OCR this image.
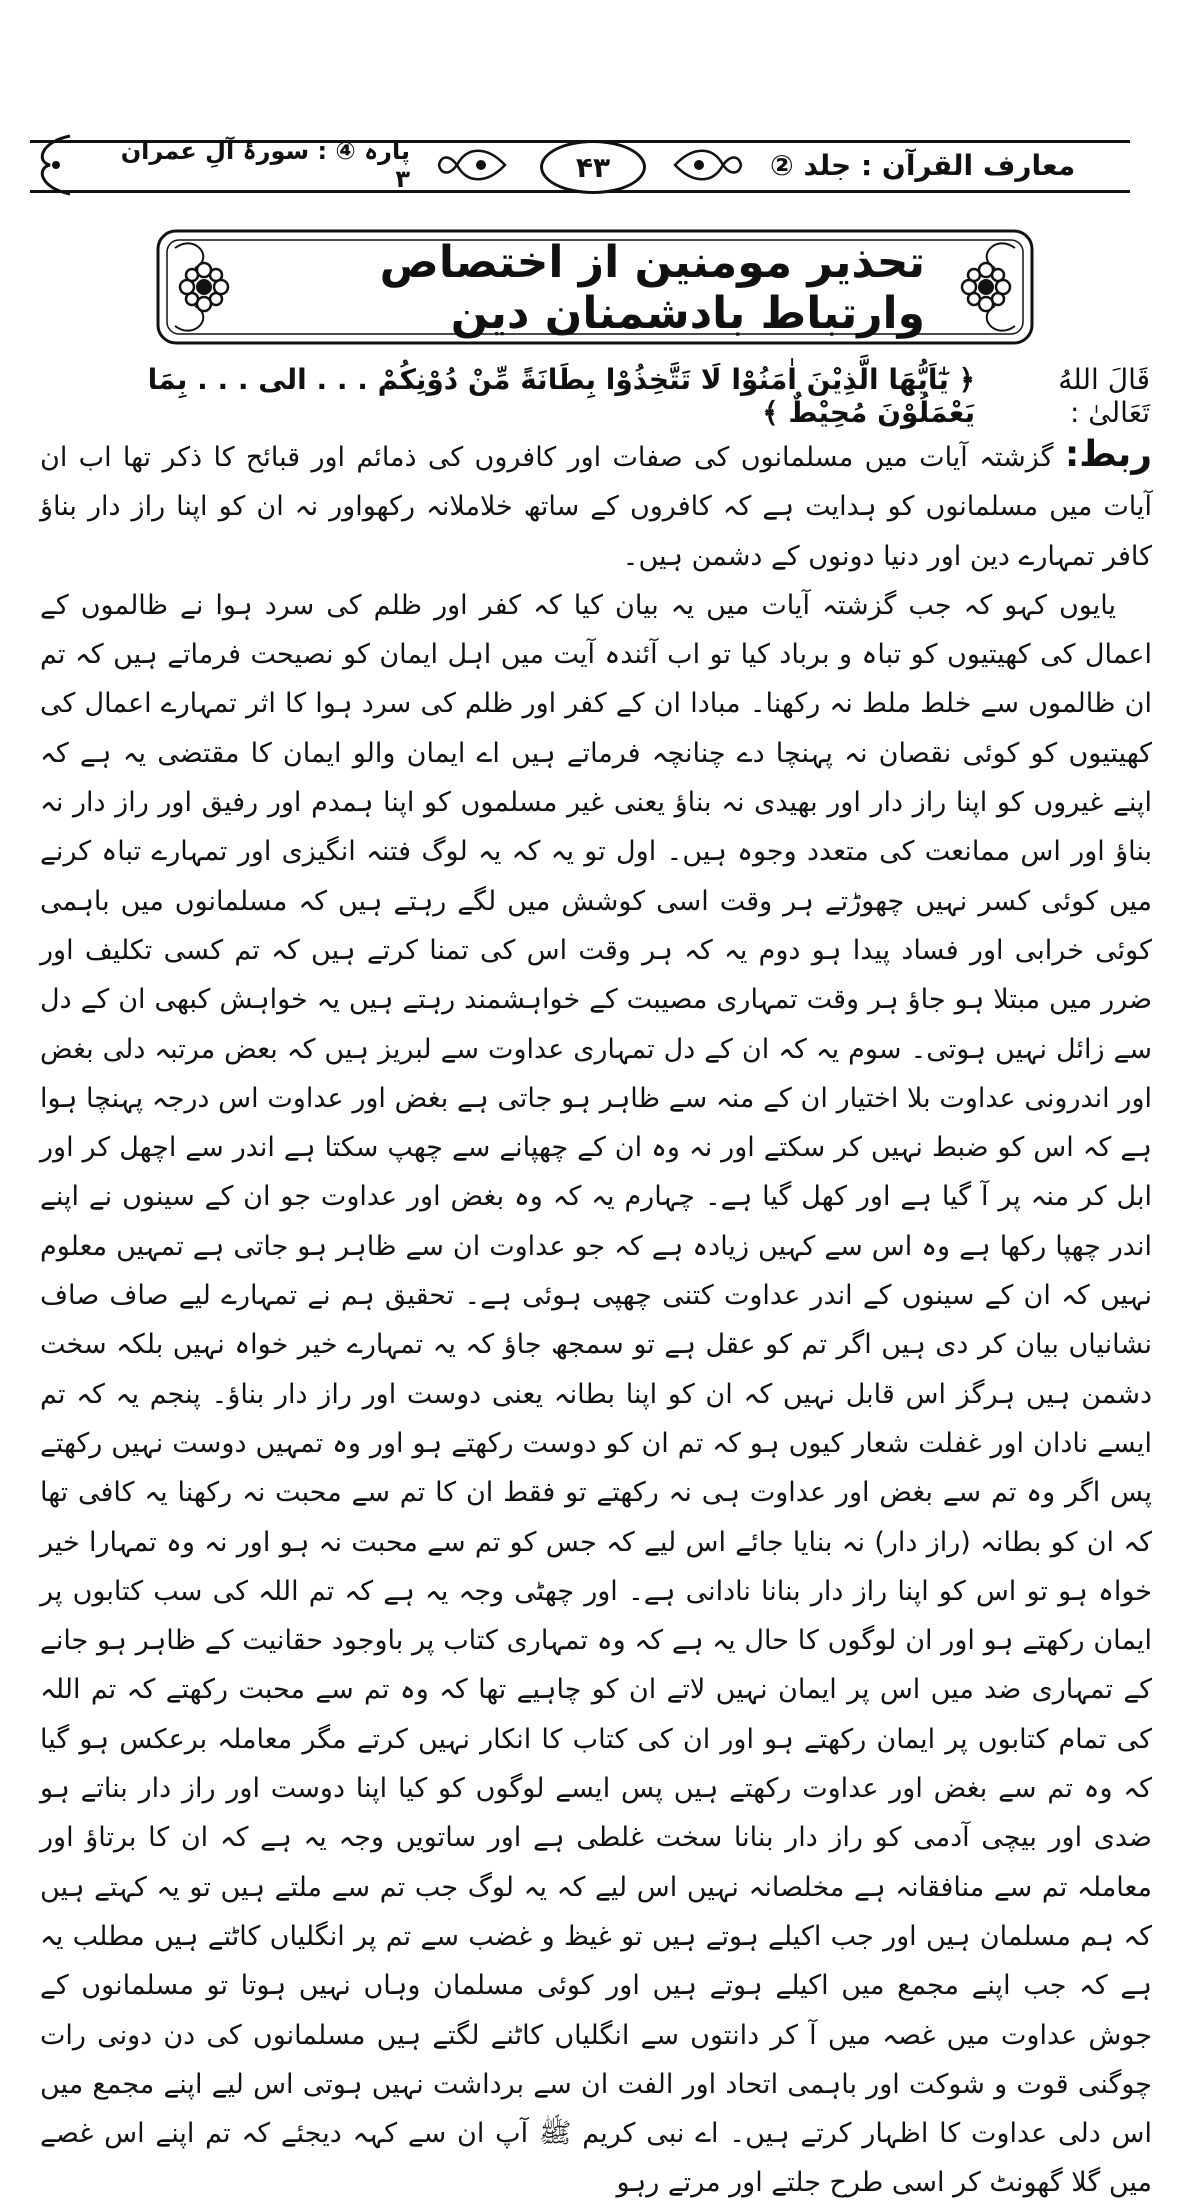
معارف القرآن : جلد ②
۴۳
پارہ ④ : سورۂ آلِ عمران ۳
تحذیر مومنین از اختصاص وارتباط بادشمنان دین
قَالَ اللهُ تَعَالیٰ :
﴿ يٰٓاَيُّهَا الَّذِيْنَ اٰمَنُوْا لَا تَتَّخِذُوْا بِطَانَةً مِّنْ دُوْنِكُمْ . . . الی . . . بِمَا يَعْمَلُوْنَ مُحِيْطٌ ﴾

ربط: گزشتہ آیات میں مسلمانوں کی صفات اور کافروں کی ذمائم اور قبائح کا ذکر تھا اب ان آیات میں مسلمانوں کو ہدایت ہے کہ کافروں کے ساتھ خلاملانہ رکھواور نہ ان کو اپنا راز دار بناؤ کافر تمہارے دین اور دنیا دونوں کے دشمن ہیں۔

یایوں کہو کہ جب گزشتہ آیات میں یہ بیان کیا کہ کفر اور ظلم کی سرد ہوا نے ظالموں کے اعمال کی کھیتیوں کو تباہ و برباد کیا تو اب آئندہ آیت میں اہل ایمان کو نصیحت فرماتے ہیں کہ تم ان ظالموں سے خلط ملط نہ رکھنا۔ مبادا ان کے کفر اور ظلم کی سرد ہوا کا اثر تمہارے اعمال کی کھیتیوں کو کوئی نقصان نہ پہنچا دے چنانچہ فرماتے ہیں اے ایمان والو ایمان کا مقتضی یہ ہے کہ اپنے غیروں کو اپنا راز دار اور بھیدی نہ بناؤ یعنی غیر مسلموں کو اپنا ہمدم اور رفیق اور راز دار نہ بناؤ اور اس ممانعت کی متعدد وجوہ ہیں۔ اول تو یہ کہ یہ لوگ فتنہ انگیزی اور تمہارے تباہ کرنے میں کوئی کسر نہیں چھوڑتے ہر وقت اسی کوشش میں لگے رہتے ہیں کہ مسلمانوں میں باہمی کوئی خرابی اور فساد پیدا ہو دوم یہ کہ ہر وقت اس کی تمنا کرتے ہیں کہ تم کسی تکلیف اور ضرر میں مبتلا ہو جاؤ ہر وقت تمہاری مصیبت کے خواہشمند رہتے ہیں یہ خواہش کبھی ان کے دل سے زائل نہیں ہوتی۔ سوم یہ کہ ان کے دل تمہاری عداوت سے لبریز ہیں کہ بعض مرتبہ دلی بغض اور اندرونی عداوت بلا اختیار ان کے منہ سے ظاہر ہو جاتی ہے بغض اور عداوت اس درجہ پہنچا ہوا ہے کہ اس کو ضبط نہیں کر سکتے اور نہ وہ ان کے چھپانے سے چھپ سکتا ہے اندر سے اچھل کر اور ابل کر منہ پر آ گیا ہے اور کھل گیا ہے۔ چہارم یہ کہ وہ بغض اور عداوت جو ان کے سینوں نے اپنے اندر چھپا رکھا ہے وہ اس سے کہیں زیادہ ہے کہ جو عداوت ان سے ظاہر ہو جاتی ہے تمہیں معلوم نہیں کہ ان کے سینوں کے اندر عداوت کتنی چھپی ہوئی ہے۔ تحقیق ہم نے تمہارے لیے صاف صاف نشانیاں بیان کر دی ہیں اگر تم کو عقل ہے تو سمجھ جاؤ کہ یہ تمہارے خیر خواہ نہیں بلکہ سخت دشمن ہیں ہرگز اس قابل نہیں کہ ان کو اپنا بطانہ یعنی دوست اور راز دار بناؤ۔ پنجم یہ کہ تم ایسے نادان اور غفلت شعار کیوں ہو کہ تم ان کو دوست رکھتے ہو اور وہ تمہیں دوست نہیں رکھتے پس اگر وہ تم سے بغض اور عداوت ہی نہ رکھتے تو فقط ان کا تم سے محبت نہ رکھنا یہ کافی تھا کہ ان کو بطانہ (راز دار) نہ بنایا جائے اس لیے کہ جس کو تم سے محبت نہ ہو اور نہ وہ تمہارا خیر خواہ ہو تو اس کو اپنا راز دار بنانا نادانی ہے۔ اور چھٹی وجہ یہ ہے کہ تم اللہ کی سب کتابوں پر ایمان رکھتے ہو اور ان لوگوں کا حال یہ ہے کہ وہ تمہاری کتاب پر باوجود حقانیت کے ظاہر ہو جانے کے تمہاری ضد میں اس پر ایمان نہیں لاتے ان کو چاہیے تھا کہ وہ تم سے محبت رکھتے کہ تم اللہ کی تمام کتابوں پر ایمان رکھتے ہو اور ان کی کتاب کا انکار نہیں کرتے مگر معاملہ برعکس ہو گیا کہ وہ تم سے بغض اور عداوت رکھتے ہیں پس ایسے لوگوں کو کیا اپنا دوست اور راز دار بناتے ہو ضدی اور بیچی آدمی کو راز دار بنانا سخت غلطی ہے اور ساتویں وجہ یہ ہے کہ ان کا برتاؤ اور معاملہ تم سے منافقانہ ہے مخلصانہ نہیں اس لیے کہ یہ لوگ جب تم سے ملتے ہیں تو یہ کہتے ہیں کہ ہم مسلمان ہیں اور جب اکیلے ہوتے ہیں تو غیظ و غضب سے تم پر انگلیاں کاٹتے ہیں مطلب یہ ہے کہ جب اپنے مجمع میں اکیلے ہوتے ہیں اور کوئی مسلمان وہاں نہیں ہوتا تو مسلمانوں کے جوش عداوت میں غصہ میں آ کر دانتوں سے انگلیاں کاٹنے لگتے ہیں مسلمانوں کی دن دونی رات چوگنی قوت و شوکت اور باہمی اتحاد اور الفت ان سے برداشت نہیں ہوتی اس لیے اپنے مجمع میں اس دلی عداوت کا اظہار کرتے ہیں۔ اے نبی کریم ﷺ آپ ان سے کہہ دیجئے کہ تم اپنے اس غصے میں گلا گھونٹ کر اسی طرح جلتے اور مرتے رہو
